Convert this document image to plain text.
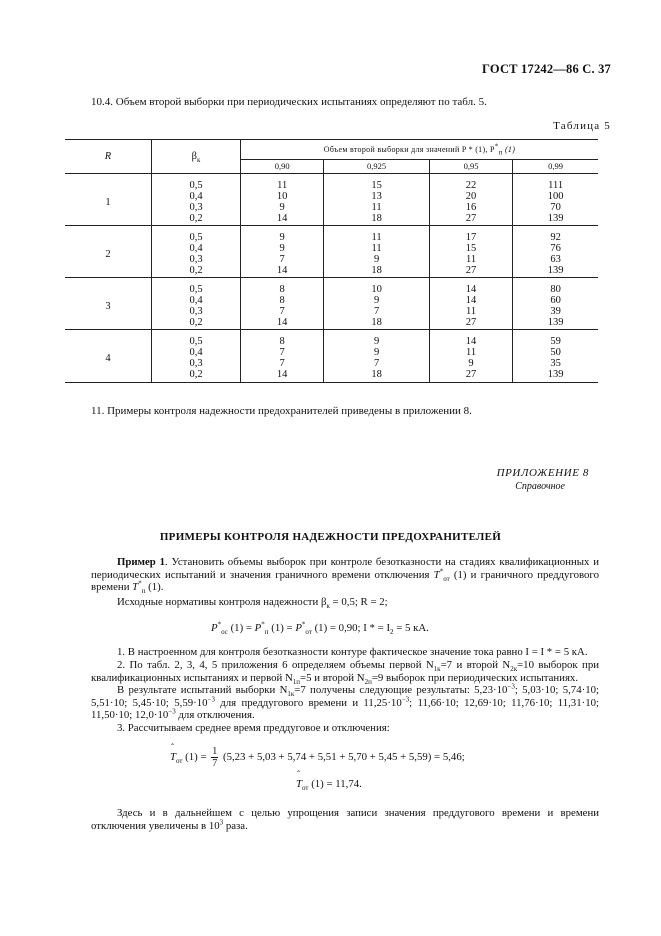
ГОСТ 17242—86 С. 37
10.4. Объем второй выборки при периодических испытаниях определяют по табл. 5.
Таблица 5
R	$\beta_к$	Объем второй выборки для значений P * (1), $P^*_п$ (1)			
		0,90	0,925	0,95	0,99
1	0,5
0,4
0,3
0,2	11
10
9
14	15
13
11
18	22
20
16
27	111
100
70
139

2	0,5
0,4
0,3
0,2	9
9
7
14	11
11
9
18	17
15
11
27	92
76
63
139

3	0,5
0,4
0,3
0,2	8
8
7
14	10
9
7
18	14
14
11
27	80
60
39
139

4	0,5
0,4
0,3
0,2	8
7
7
14	9
9
7
18	14
11
9
27	59
50
35
139
11. Примеры контроля надежности предохранителей приведены в приложении 8.
ПРИЛОЖЕНИЕ 8
Справочное
ПРИМЕРЫ КОНТРОЛЯ НАДЕЖНОСТИ ПРЕДОХРАНИТЕЛЕЙ
Пример 1. Установить объемы выборок при контроле безотказности на стадиях квалификационных и периодических испытаний и значения граничного времени отключения $T^*_{от}$ (1) и граничного преддугового времени $T^*_п$ (1).
Исходные нормативы контроля надежности $\beta_к = 0,5$; R = 2;
$P^*_{ос}$ $(1) = P^*_п$ $(1) = P^*_{от}$ (1) = 0,90; I * = $I_2 = 5$ кА.
1. В настроенном для контроля безотказности контуре фактическое значение тока равно I = I * = 5 кА.
2. По табл. 2, 3, 4, 5 приложения 6 определяем объемы первой $N_{1к}=7$ и второй $N_{2к}=10$ выборок при квалификационных испытаниях и первой $N_{1п}=5$ и второй $N_{2п}=9$ выборок при периодических испытаниях.
В результате испытаний выборки $N_{1к}=7$ получены следующие результаты: $5,23\cdot 10^{-3}$; 5,03·10; 5,74·10; 5,51·10; 5,45·10; $5,59\cdot 10^{-3}$ для преддугового времени и $11,25\cdot 10^{-3}$; 11,66·10; 12,69·10; 11,76·10; 11,31·10; 11,50·10; $12,0\cdot 10^{-3}$ для отключения.
3. Рассчитываем среднее время преддуговое и отключения:
ˆ $T_{от}$ $(1) = \frac{1}{7} (5,23 + 5,03 + 5,74 + 5,51 + 5,70 + 5,45 + 5,59) = 5,46$;
ˆ $T_{от}$ (1) = 11,74.
Здесь и в дальнейшем с целью упрощения записи значения преддугового времени и времени отключения увеличены в $10^3$ раза.
